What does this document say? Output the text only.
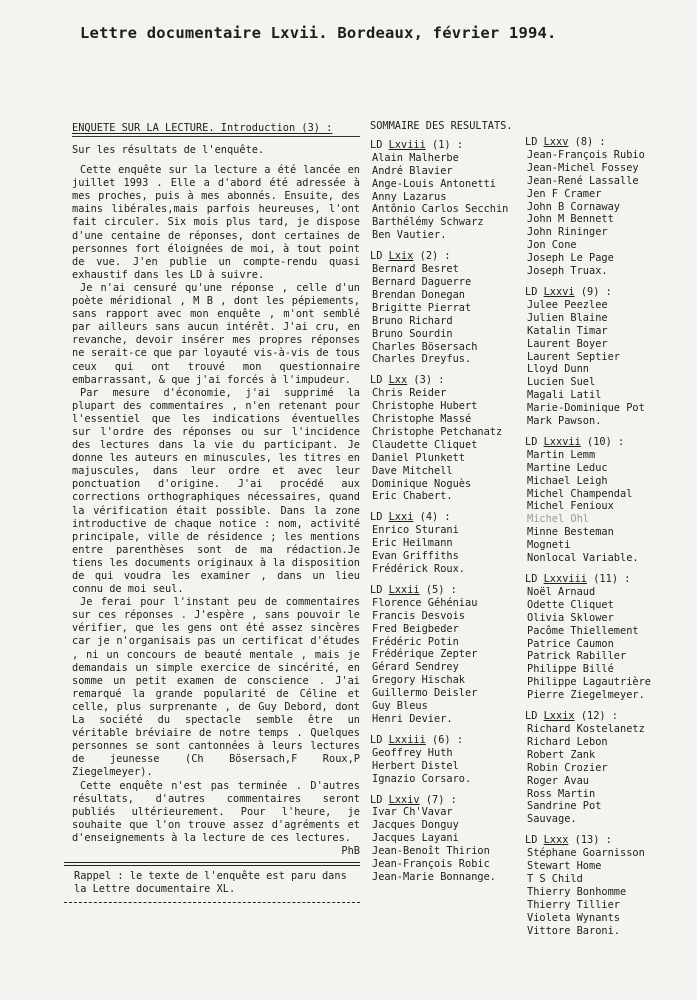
Lettre documentaire Lxvii. Bordeaux, février 1994.
ENQUETE SUR LA LECTURE. Introduction (3) :
Sur les résultats de l'enquête.

Cette enquête sur la lecture a été lancée en juillet 1993 . Elle a d'abord été adressée à mes proches, puis à mes abonnés. Ensuite, des mains libérales,mais parfois heureuses, l'ont fait circuler. Six mois plus tard, je dispose d'une centaine de réponses, dont certaines de personnes fort éloignées de moi, à tout point de vue. J'en publie un compte-rendu quasi exhaustif dans les LD à suivre.

Je n'ai censuré qu'une réponse , celle d'un poète méridional , M B , dont les pépiements, sans rapport avec mon enquête , m'ont semblé par ailleurs sans aucun intérêt. J'ai cru, en revanche, devoir insérer mes propres réponses ne serait-ce que par loyauté vis-à-vis de tous ceux qui ont trouvé mon questionnaire embarrassant, & que j'ai forcés à l'impudeur.

Par mesure d'économie, j'ai supprimé la plupart des commentaires , n'en retenant pour l'essentiel que les indications éventuelles sur l'ordre des réponses ou sur l'incidence des lectures dans la vie du participant. Je donne les auteurs en minuscules, les titres en majuscules, dans leur ordre et avec leur ponctuation d'origine. J'ai procédé aux corrections orthographiques nécessaires, quand la vérification était possible. Dans la zone introductive de chaque notice : nom, activité principale, ville de résidence ; les mentions entre parenthèses sont de ma rédaction.Je tiens les documents originaux à la disposition de qui voudra les examiner , dans un lieu connu de moi seul.

Je ferai pour l'instant peu de commentaires sur ces réponses . J'espère , sans pouvoir le vérifier, que les gens ont été assez sincères car je n'organisais pas un certificat d'études , ni un concours de beauté mentale , mais je demandais un simple exercice de sincérité, en somme un petit examen de conscience . J'ai remarqué la grande popularité de Céline et celle, plus surprenante , de Guy Debord, dont La société du spectacle semble être un véritable bréviaire de notre temps . Quelques personnes se sont cantonnées à leurs lectures de jeunesse (Ch Bösersach,F Roux,P Ziegelmeyer).

Cette enquête n'est pas terminée . D'autres résultats, d'autres commentaires seront publiés ultérieurement. Pour l'heure, je souhaite que l'on trouve assez d'agréments et d'enseignements à la lecture de ces lectures.

PhB
Rappel : le texte de l'enquête est paru dans la Lettre documentaire XL.
SOMMAIRE DES RESULTATS.
LD Lxviii (1) :
Alain Malherbe
André Blavier
Ange-Louis Antonetti
Anny Lazarus
Antônio Carlos Secchin
Barthélémy Schwarz
Ben Vautier.
LD Lxix (2) :
Bernard Besret
Bernard Daguerre
Brendan Donegan
Brigitte Pierrat
Bruno Richard
Bruno Sourdin
Charles Bösersach
Charles Dreyfus.
LD Lxx (3) :
Chris Reider
Christophe Hubert
Christophe Massé
Christophe Petchanatz
Claudette Cliquet
Daniel Plunkett
Dave Mitchell
Dominique Noguès
Eric Chabert.
LD Lxxi (4) :
Enrico Sturani
Eric Heilmann
Evan Griffiths
Frédérick Roux.
LD Lxxii (5) :
Florence Géhéniau
Francis Desvois
Fred Beigbeder
Frédéric Potin
Frédérique Zepter
Gérard Sendrey
Gregory Hischak
Guillermo Deisler
Guy Bleus
Henri Devier.
LD Lxxiii (6) :
Geoffrey Huth
Herbert Distel
Ignazio Corsaro.
LD Lxxiv (7) :
Ivar Ch'Vavar
Jacques Donguy
Jacques Layani
Jean-Benoît Thirion
Jean-François Robic
Jean-Marie Bonnange.
LD Lxxv (8) :
Jean-François Rubio
Jean-Michel Fossey
Jean-René Lassalle
Jen F Cramer
John B Cornaway
John M Bennett
John Rininger
Jon Cone
Joseph Le Page
Joseph Truax.
LD Lxxvi (9) :
Julee Peezlee
Julien Blaine
Katalin Timar
Laurent Boyer
Laurent Septier
Lloyd Dunn
Lucien Suel
Magali Latil
Marie-Dominique Pot
Mark Pawson.
LD Lxxvii (10) :
Martin Lemm
Martine Leduc
Michael Leigh
Michel Champendal
Michel Fenioux
Michel Ohl
Minne Besteman
Mogneti
Nonlocal Variable.
LD Lxxviii (11) :
Noël Arnaud
Odette Cliquet
Olivia Sklower
Pacôme Thiellement
Patrice Caumon
Patrick Rabiller
Philippe Billé
Philippe Lagautrière
Pierre Ziegelmeyer.
LD Lxxix (12) :
Richard Kostelanetz
Richard Lebon
Robert Zank
Robin Crozier
Roger Avau
Ross Martin
Sandrine Pot
Sauvage.
LD Lxxx (13) :
Stéphane Goarnisson
Stewart Home
T S Child
Thierry Bonhomme
Thierry Tillier
Violeta Wynants
Vittore Baroni.
